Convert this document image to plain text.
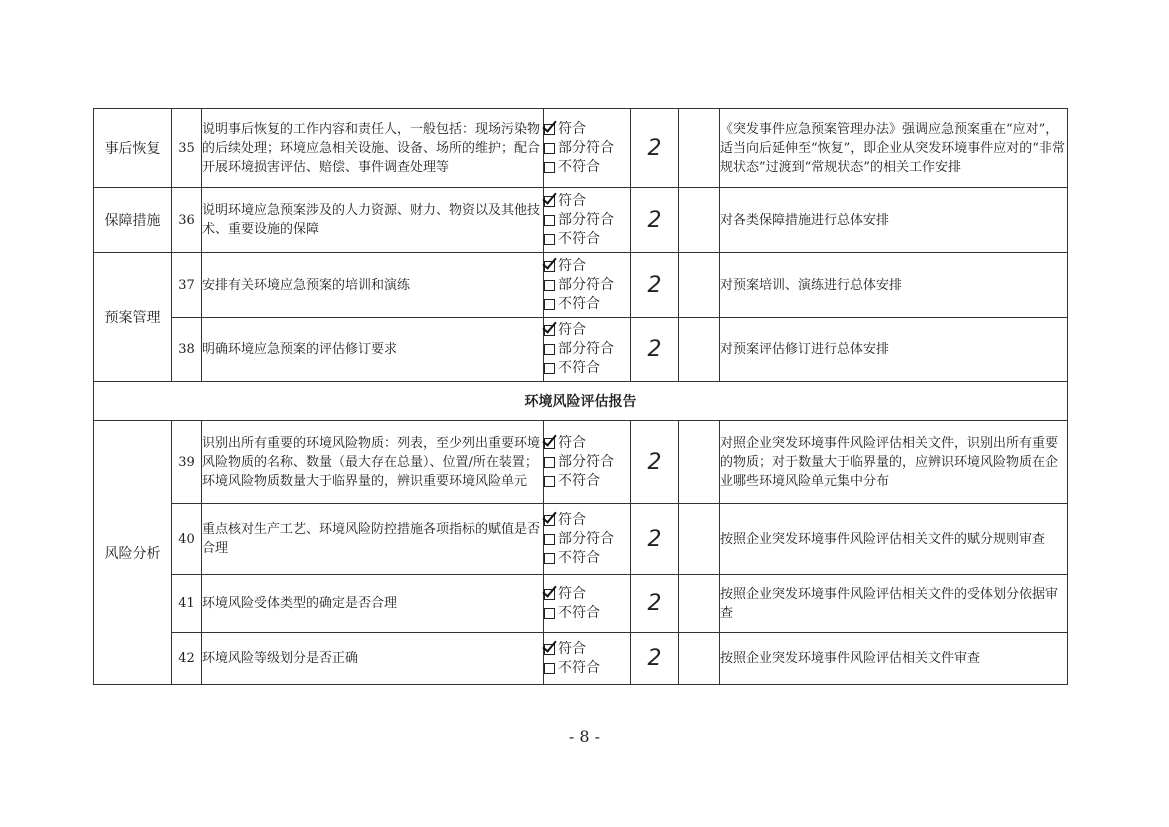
事后恢复	35	说明事后恢复的工作内容和责任人，一般包括：现场污染物的后续处理；环境应急相关设施、设备、场所的维护；配合开展环境损害评估、赔偿、事件调查处理等	符合
部分符合
不符合	2		《突发事件应急预案管理办法》强调应急预案重在“应对”，适当向后延伸至“恢复”，即企业从突发环境事件应对的“非常规状态”过渡到“常规状态”的相关工作安排
保障措施	36	说明环境应急预案涉及的人力资源、财力、物资以及其他技术、重要设施的保障	符合
部分符合
不符合	2		对各类保障措施进行总体安排
预案管理	37	安排有关环境应急预案的培训和演练	符合
部分符合
不符合	2		对预案培训、演练进行总体安排
	38	明确环境应急预案的评估修订要求	符合
部分符合
不符合	2		对预案评估修订进行总体安排
环境风险评估报告						
风险分析	39	识别出所有重要的环境风险物质：列表，至少列出重要环境风险物质的名称、数量（最大存在总量）、位置/所在装置；环境风险物质数量大于临界量的，辨识重要环境风险单元	符合
部分符合
不符合	2		对照企业突发环境事件风险评估相关文件，识别出所有重要的物质；对于数量大于临界量的，应辨识环境风险物质在企业哪些环境风险单元集中分布
	40	重点核对生产工艺、环境风险防控措施各项指标的赋值是否合理	符合
部分符合
不符合	2		按照企业突发环境事件风险评估相关文件的赋分规则审查
	41	环境风险受体类型的确定是否合理	符合
不符合	2		按照企业突发环境事件风险评估相关文件的受体划分依据审查
	42	环境风险等级划分是否正确	符合
不符合	2		按照企业突发环境事件风险评估相关文件审查
- 8 -
